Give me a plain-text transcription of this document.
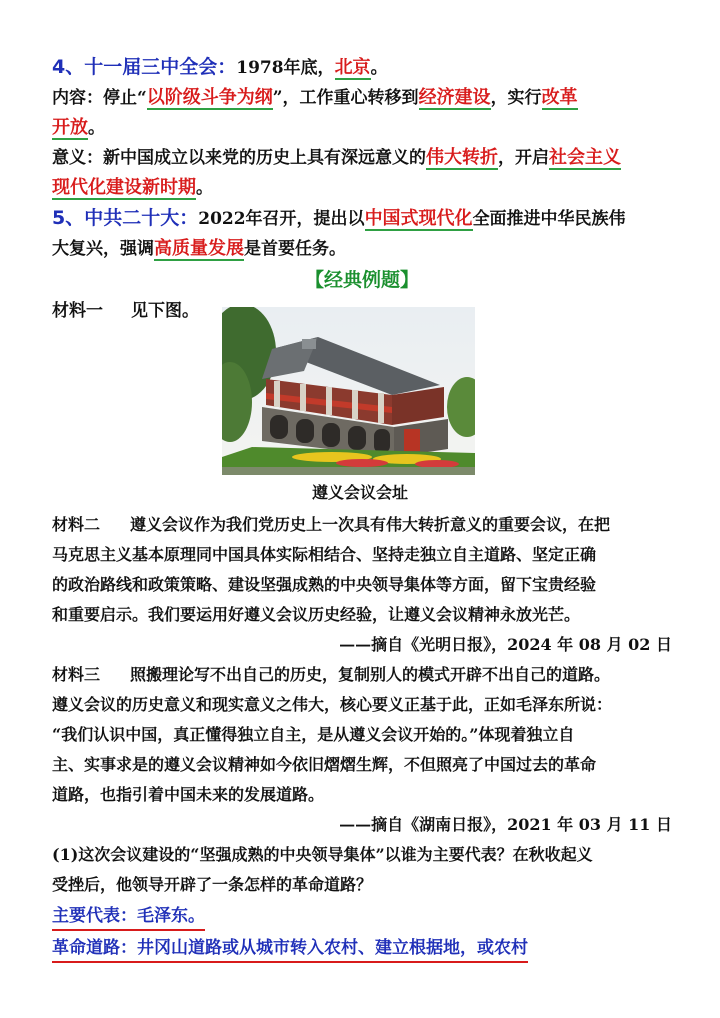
4、十一届三中全会：1978年底，北京。
内容：停止“以阶级斗争为纲”，工作重心转移到经济建设，实行改革
开放。
意义：新中国成立以来党的历史上具有深远意义的伟大转折，开启社会主义
现代化建设新时期。
5、中共二十大：2022年召开，提出以中国式现代化全面推进中华民族伟
大复兴，强调高质量发展是首要任务。
【经典例题】
材料一 见下图。
遵义会议会址
材料二 遵义会议作为我们党历史上一次具有伟大转折意义的重要会议，在把
马克思主义基本原理同中国具体实际相结合、坚持走独立自主道路、坚定正确
的政治路线和政策策略、建设坚强成熟的中央领导集体等方面，留下宝贵经验
和重要启示。我们要运用好遵义会议历史经验，让遵义会议精神永放光芒。
——摘自《光明日报》，2024 年 08 月 02 日
材料三 照搬理论写不出自己的历史，复制别人的模式开辟不出自己的道路。
遵义会议的历史意义和现实意义之伟大，核心要义正基于此，正如毛泽东所说：
“我们认识中国，真正懂得独立自主，是从遵义会议开始的。”体现着独立自
主、实事求是的遵义会议精神如今依旧熠熠生辉，不但照亮了中国过去的革命
道路，也指引着中国未来的发展道路。
——摘自《湖南日报》，2021 年 03 月 11 日
(1)这次会议建设的“坚强成熟的中央领导集体”以谁为主要代表？在秋收起义
受挫后，他领导开辟了一条怎样的革命道路？
主要代表：毛泽东。
革命道路：井冈山道路或从城市转入农村、建立根据地，或农村
